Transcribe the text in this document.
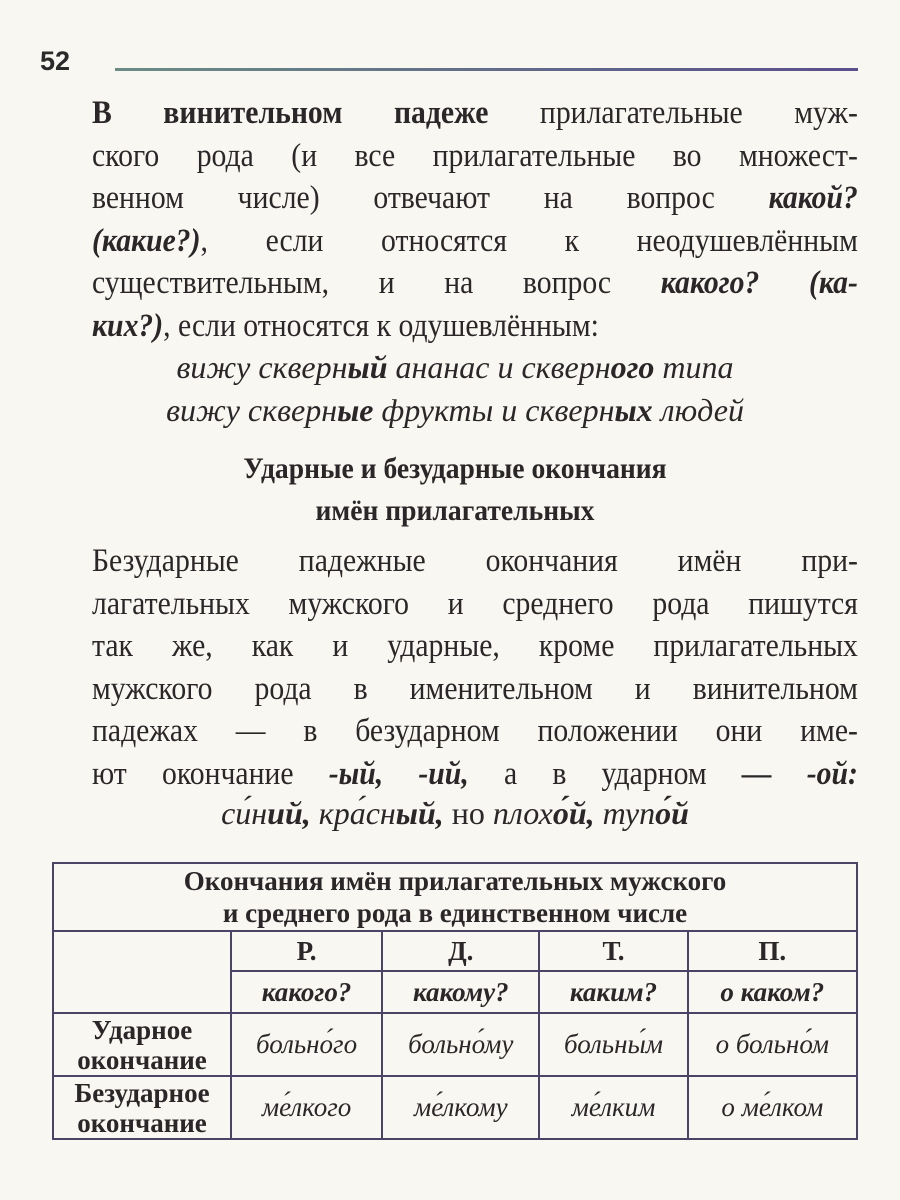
52
В винительном падеже прилагательные муж-
ского рода (и все прилагательные во множест-
венном числе) отвечают на вопрос какой?
(какие?), если относятся к неодушевлённым
существительным, и на вопрос какого? (ка-
ких?), если относятся к одушевлённым:
вижу скверный ананас и скверного типа
вижу скверные фрукты и скверных людей
Ударные и безударные окончания
имён прилагательных
Безударные падежные окончания имён при-
лагательных мужского и среднего рода пишутся
так же, как и ударные, кроме прилагательных
мужского рода в именительном и винительном
падежах — в безударном положении они име-
ют окончание -ый, -ий, а в ударном — -ой:
си́ний, кра́сный, но плохо́й, тупо́й
Окончания имён прилагательных мужского
и среднего рода в единственном числе				

	Р.	Д.	Т.	П.
	какого?	какому?	каким?	о каком?

Ударное
окончание	больно́го	больно́му	больны́м	о больно́м

Безударное
окончание	ме́лкого	ме́лкому	ме́лким	о ме́лком
